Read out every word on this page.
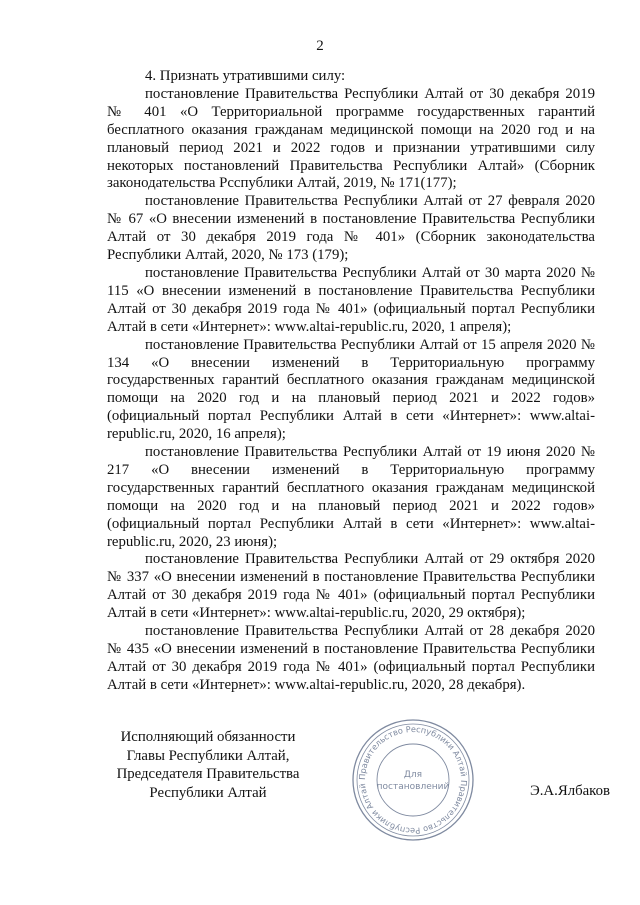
2

4. Признать утратившими силу:

постановление Правительства Республики Алтай от 30 декабря 2019 № 401 «О Территориальной программе государственных гарантий бесплатного оказания гражданам медицинской помощи на 2020 год и на плановый период 2021 и 2022 годов и признании утратившими силу некоторых постановлений Правительства Республики Алтай» (Сборник законодательства Рсспублики Алтай, 2019, № 171(177);

постановление Правительства Республики Алтай от 27 февраля 2020 № 67 «О внесении изменений в постановление Правительства Республики Алтай от 30 декабря 2019 года № 401» (Сборник законодательства Республики Алтай, 2020, № 173 (179);

постановление Правительства Республики Алтай от 30 марта 2020 № 115 «О внесении изменений в постановление Правительства Республики Алтай от 30 декабря 2019 года № 401» (официальный портал Республики Алтай в сети «Интернет»: www.altai-republic.ru, 2020, 1 апреля);

постановление Правительства Республики Алтай от 15 апреля 2020 № 134 «О внесении изменений в Территориальную программу государственных гарантий бесплатного оказания гражданам медицинской помощи на 2020 год и на плановый период 2021 и 2022 годов» (официальный портал Республики Алтай в сети «Интернет»: www.altai-republic.ru, 2020, 16 апреля);

постановление Правительства Республики Алтай от 19 июня 2020 № 217 «О внесении изменений в Территориальную программу государственных гарантий бесплатного оказания гражданам медицинской помощи на 2020 год и на плановый период 2021 и 2022 годов» (официальный портал Республики Алтай в сети «Интернет»: www.altai-republic.ru, 2020, 23 июня);

постановление Правительства Республики Алтай от 29 октября 2020 № 337 «О внесении изменений в постановление Правительства Республики Алтай от 30 декабря 2019 года № 401» (официальный портал Республики Алтай в сети «Интернет»: www.altai-republic.ru, 2020, 29 октября);

постановление Правительства Республики Алтай от 28 декабря 2020 № 435 «О внесении изменений в постановление Правительства Республики Алтай от 30 декабря 2019 года № 401» (официальный портал Республики Алтай в сети «Интернет»: www.altai-republic.ru, 2020, 28 декабря).

Исполняющий обязанности
Главы Республики Алтай,
Председателя Правительства
Республики Алтай
Правительство Республики Алтай
Правительство Республики Алтай
Для
постановлений	Э.А.Ялбаков
